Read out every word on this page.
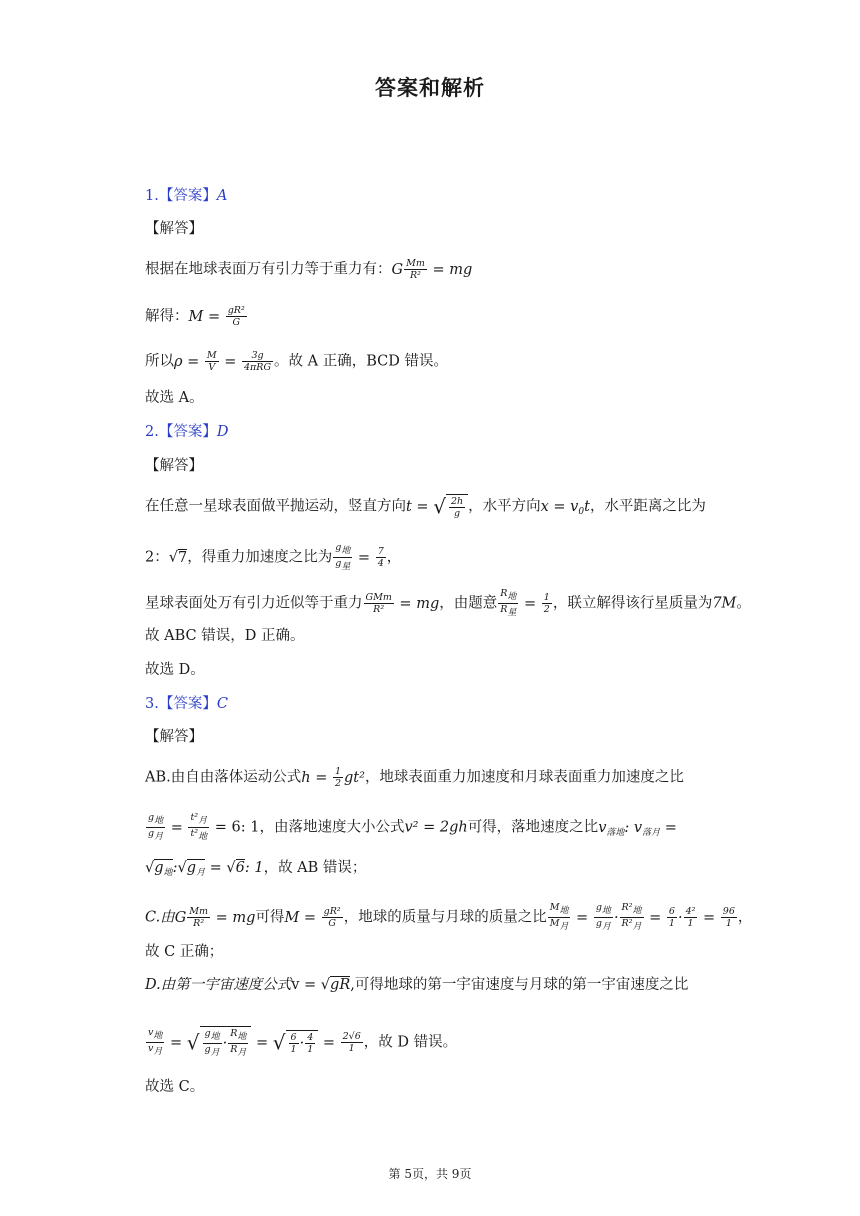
答案和解析
1.【答案】A
【解答】
根据在地球表面万有引力等于重力有：G $\frac{Mm}{\text{R²}}$ = mg
解得：$M = \frac{\text{gR²}}{G}$
所以$\rho = \frac{M}{V} = \frac{3g}{\text{4πRG}}$ 。故 A 正确，BCD 错误。
故选 A。
2.【答案】D
【解答】
在任意一星球表面做平抛运动，竖直方向t = √ $\frac{2h}{g}$ ，水平方向$x = v_0t$，水平距离之比为
2：√7，得重力加速度之比为 $\frac{\text{g地}}{\text{g星}} = \frac{7}{4}$ ，
星球表面处万有引力近似等于重力 $\frac{\text{GMm}}{\text{R²}}$ = mg，由题意 $\frac{\text{R地}}{\text{R星}} = \frac{1}{2}$ ，联立解得该行星质量为7M。
故 ABC 错误，D 正确。
故选 D。
3.【答案】C
【解答】
AB.由自由落体运动公式$h = \frac{1}{2} gt^2$，地球表面重力加速度和月球表面重力加速度之比
$\frac{\text{g地}}{\text{g月}} = \frac{\text{t²月}}{\text{t²地}} = 6$: 1，由落地速度大小公式v² = 2gh可得，落地速度之比$v_{落地}$: $v_{落月}$ =
$√g_地:√g_月 = √6$: 1，故 AB 错误；
C.由G $\frac{Mm}{\text{R²}}$ = mg可得$M = \frac{\text{gR²}}{G}$ ，地球的质量与月球的质量之比 $\frac{\text{M地}}{\text{M月}} = \frac{\text{g地}}{\text{g月}} \cdot \frac{\text{R²地}}{\text{R²月}} = \frac{6}{1} \cdot \frac{\text{4²}}{1} = \frac{96}{1}$ ，
故 C 正确；
D.由第一宇宙速度公式v = √gR,可得地球的第一宇宙速度与月球的第一宇宙速度之比
$\frac{\text{v地}}{\text{v月}}$ = √ $\frac{\text{g地}}{\text{g月}} \cdot \frac{\text{R地}}{\text{R月}}$ = √ $\frac{6}{1} \cdot \frac{4}{1} = \frac{2√6}{1}$ ，故 D 错误。
故选 C。
第 5页，共 9页
